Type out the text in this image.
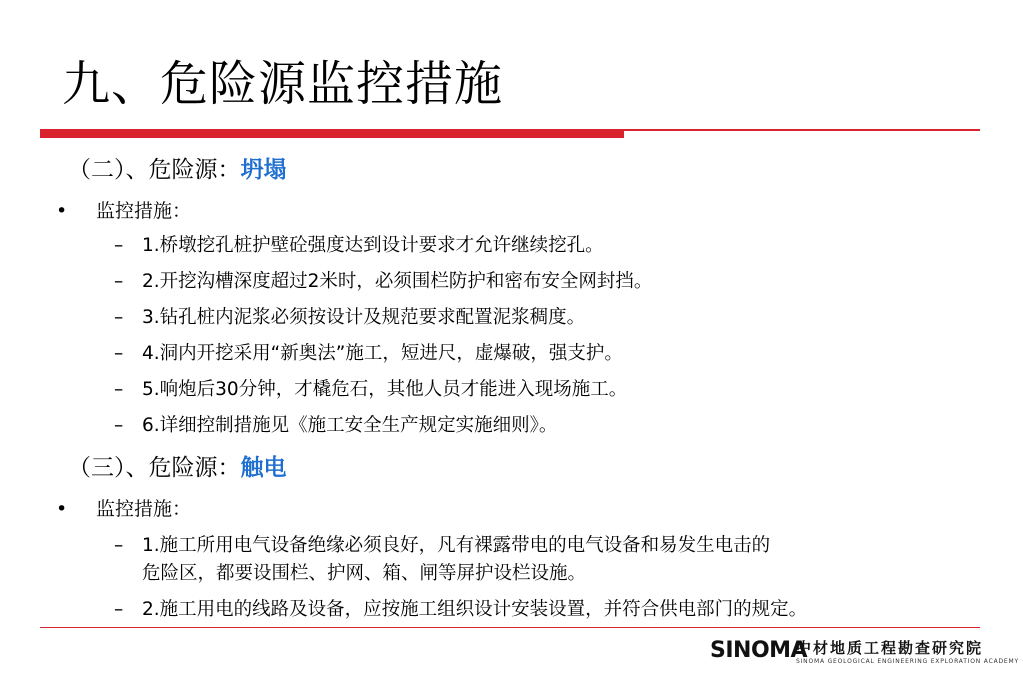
九、危险源监控措施
（二）、危险源：坍塌
• 监控措施：
– 1.桥墩挖孔桩护壁砼强度达到设计要求才允许继续挖孔。
– 2.开挖沟槽深度超过2米时，必须围栏防护和密布安全网封挡。
– 3.钻孔桩内泥浆必须按设计及规范要求配置泥浆稠度。
– 4.洞内开挖采用“新奥法”施工，短进尺，虚爆破，强支护。
– 5.响炮后30分钟，才橇危石，其他人员才能进入现场施工。
– 6.详细控制措施见《施工安全生产规定实施细则》。
（三）、危险源：触电
• 监控措施：
– 1.施工所用电气设备绝缘必须良好，凡有裸露带电的电气设备和易发生电击的
危险区，都要设围栏、护网、箱、闸等屏护设栏设施。
– 2.施工用电的线路及设备，应按施工组织设计安装设置，并符合供电部门的规定。
SINOMA
中材地质工程勘查研究院
SINOMA GEOLOGICAL ENGINEERING EXPLORATION ACADEMY
